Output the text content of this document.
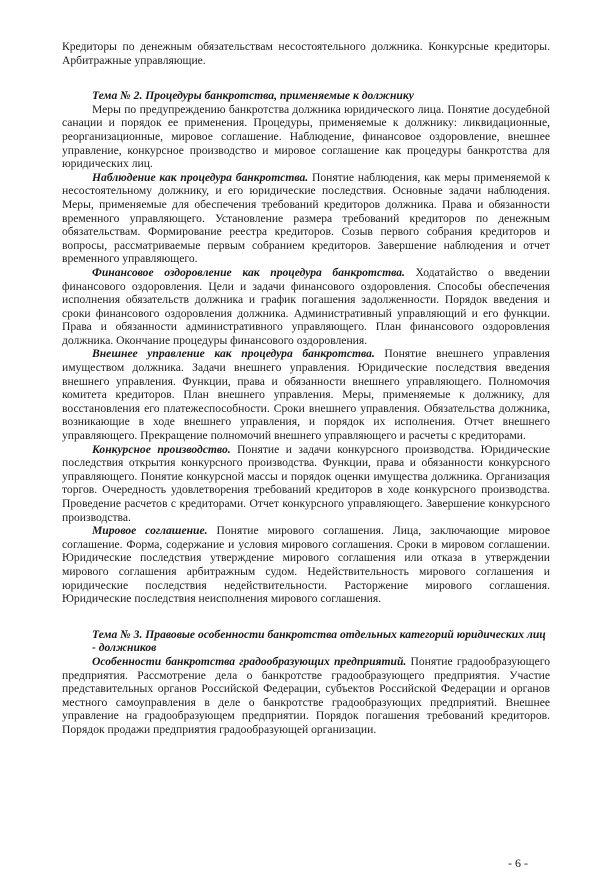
Кредиторы по денежным обязательствам несостоятельного должника. Конкурсные кредиторы. Арбитражные управляющие.

Тема № 2. Процедуры банкротства, применяемые к должнику

Меры по предупреждению банкротства должника юридического лица. Понятие досудебной санации и порядок ее применения. Процедуры, применяемые к должнику: ликвидационные, реорганизационные, мировое соглашение. Наблюдение, финансовое оздоровление, внешнее управление, конкурсное производство и мировое соглашение как процедуры банкротства для юридических лиц.

Наблюдение как процедура банкротства. Понятие наблюдения, как меры применяемой к несостоятельному должнику, и его юридические последствия. Основные задачи наблюдения. Меры, применяемые для обеспечения требований кредиторов должника. Права и обязанности временного управляющего. Установление размера требований кредиторов по денежным обязательствам. Формирование реестра кредиторов. Созыв первого собрания кредиторов и вопросы, рассматриваемые первым собранием кредиторов. Завершение наблюдения и отчет временного управляющего.

Финансовое оздоровление как процедура банкротства. Ходатайство о введении финансового оздоровления. Цели и задачи финансового оздоровления. Способы обеспечения исполнения обязательств должника и график погашения задолженности. Порядок введения и сроки финансового оздоровления должника. Административный управляющий и его функции. Права и обязанности административного управляющего. План финансового оздоровления должника. Окончание процедуры финансового оздоровления.

Внешнее управление как процедура банкротства. Понятие внешнего управления имуществом должника. Задачи внешнего управления. Юридические последствия введения внешнего управления. Функции, права и обязанности внешнего управляющего. Полномочия комитета кредиторов. План внешнего управления. Меры, применяемые к должнику, для восстановления его платежеспособности. Сроки внешнего управления. Обязательства должника, возникающие в ходе внешнего управления, и порядок их исполнения. Отчет внешнего управляющего. Прекращение полномочий внешнего управляющего и расчеты с кредиторами.

Конкурсное производство. Понятие и задачи конкурсного производства. Юридические последствия открытия конкурсного производства. Функции, права и обязанности конкурсного управляющего. Понятие конкурсной массы и порядок оценки имущества должника. Организация торгов. Очередность удовлетворения требований кредиторов в ходе конкурсного производства. Проведение расчетов с кредиторами. Отчет конкурсного управляющего. Завершение конкурсного производства.

Мировое соглашение. Понятие мирового соглашения. Лица, заключающие мировое соглашение. Форма, содержание и условия мирового соглашения. Сроки в мировом соглашении. Юридические последствия утверждение мирового соглашения или отказа в утверждении мирового соглашения арбитражным судом. Недействительность мирового соглашения и юридические последствия недействительности. Расторжение мирового соглашения. Юридические последствия неисполнения мирового соглашения.

Тема № 3. Правовые особенности банкротства отдельных категорий юридических лиц - должников

Особенности банкротства градообразующих предприятий. Понятие градообразующего предприятия. Рассмотрение дела о банкротстве градообразующего предприятия. Участие представительных органов Российской Федерации, субъектов Российской Федерации и органов местного самоуправления в деле о банкротстве градообразующих предприятий. Внешнее управление на градообразующем предприятии. Порядок погашения требований кредиторов. Порядок продажи предприятия градообразующей организации.

- 6 -
